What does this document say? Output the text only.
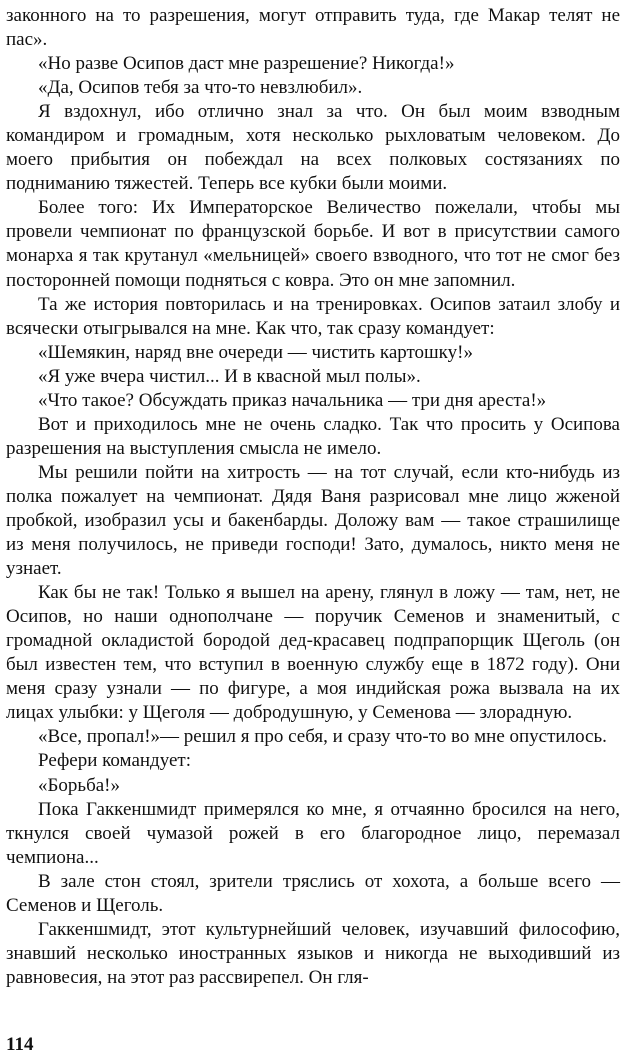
законного на то разрешения, могут отправить туда, где Макар телят не пас».

«Но разве Осипов даст мне разрешение? Никогда!»

«Да, Осипов тебя за что-то невзлюбил».

Я вздохнул, ибо отлично знал за что. Он был моим взводным командиром и громадным, хотя несколько рыхловатым человеком. До моего прибытия он побеждал на всех полковых состязаниях по подниманию тяжестей. Теперь все кубки были моими.

Более того: Их Императорское Величество пожелали, чтобы мы провели чемпионат по французской борьбе. И вот в присутствии самого монарха я так крутанул «мельницей» своего взводного, что тот не смог без посторонней помощи подняться с ковра. Это он мне запомнил.

Та же история повторилась и на тренировках. Осипов затаил злобу и всячески отыгрывался на мне. Как что, так сразу командует:

«Шемякин, наряд вне очереди — чистить картошку!»

«Я уже вчера чистил... И в квасной мыл полы».

«Что такое? Обсуждать приказ начальника — три дня ареста!»

Вот и приходилось мне не очень сладко. Так что просить у Осипова разрешения на выступления смысла не имело.

Мы решили пойти на хитрость — на тот случай, если кто-нибудь из полка пожалует на чемпионат. Дядя Ваня разрисовал мне лицо жженой пробкой, изобразил усы и бакенбарды. Доложу вам — такое страшилище из меня получилось, не приведи господи! Зато, думалось, никто меня не узнает.

Как бы не так! Только я вышел на арену, глянул в ложу — там, нет, не Осипов, но наши однополчане — поручик Семенов и знаменитый, с громадной окладистой бородой дед-красавец подпрапорщик Щеголь (он был известен тем, что вступил в военную службу еще в 1872 году). Они меня сразу узнали — по фигуре, а моя индийская рожа вызвала на их лицах улыбки: у Щеголя — добродушную, у Семенова — злорадную.

«Все, пропал!»— решил я про себя, и сразу что-то во мне опустилось.

Рефери командует:

«Борьба!»

Пока Гаккеншмидт примерялся ко мне, я отчаянно бросился на него, ткнулся своей чумазой рожей в его благородное лицо, перемазал чемпиона...

В зале стон стоял, зрители тряслись от хохота, а больше всего — Семенов и Щеголь.

Гаккеншмидт, этот культурнейший человек, изучавший философию, знавший несколько иностранных языков и никогда не выходивший из равновесия, на этот раз рассвирепел. Он гля-

114
